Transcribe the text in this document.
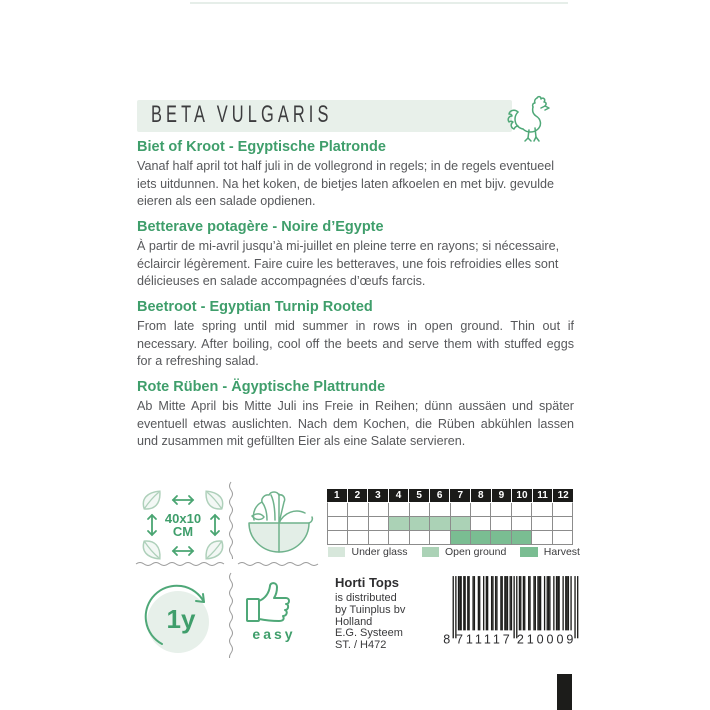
BETA VULGARIS
Biet of Kroot - Egyptische Platronde

Vanaf half april tot half juli in de vollegrond in regels; in de regels eventueel iets uitdunnen. Na het koken, de bietjes laten afkoelen en met bijv. gevulde eieren als een salade opdienen.

Betterave potagère - Noire d’Egypte

À partir de mi-avril jusqu’à mi-juillet en pleine terre en rayons; si nécessaire, éclaircir légèrement. Faire cuire les betteraves, une fois refroidies elles sont délicieuses en salade accompagnées d’œufs farcis.

Beetroot - Egyptian Turnip Rooted

From late spring until mid summer in rows in open ground. Thin out if necessary. After boiling, cool off the beets and serve them with stuffed eggs for a refreshing salad.

Rote Rüben - Ägyptische Plattrunde

Ab Mitte April bis Mitte Juli ins Freie in Reihen; dünn aussäen und später eventuell etwas auslichten. Nach dem Kochen, die Rüben abkühlen lassen und zusammen mit gefüllten Eier als eine Salate servieren.

40x10
CM
1	2	3	4	5	6	7	8	9	10 11 12
Under glass	Open ground	Harvest
1y	easy
Horti Tops
is distributed
by Tuinplus bv
Holland
E.G. Systeem
ST. / H472	8 711117 210009
